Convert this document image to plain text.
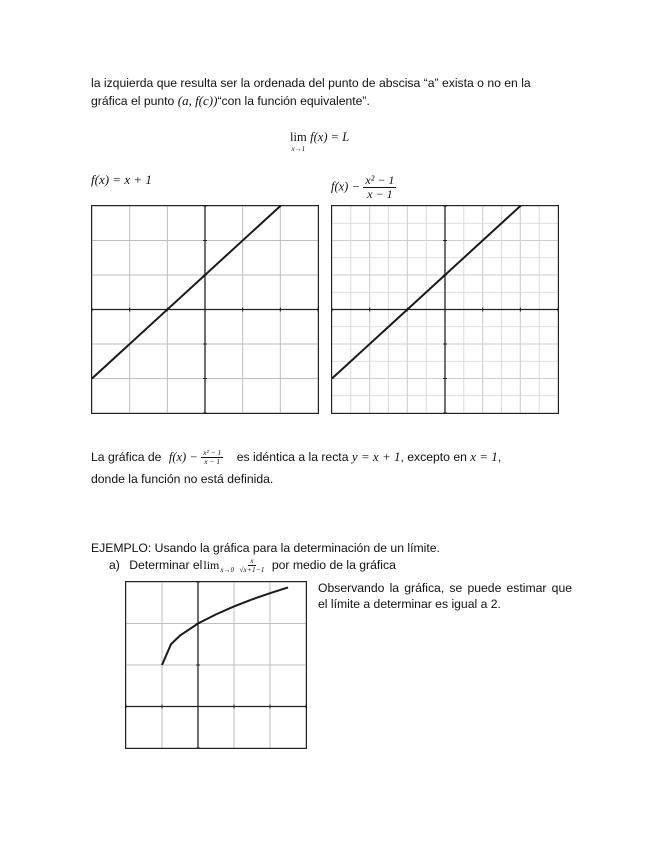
la izquierda que resulta ser la ordenada del punto de abscisa “a” exista o no en la
gráfica el punto (a, f(c))“con la función equivalente”.
lim
x→1
f(x) = L
f(x) = x + 1	$f(x) - \frac{\text{x² − 1}}{x - 1}$
La gráfica de $f(x) - \frac{\text{x² − 1}}{x - 1}$ es idéntica a la recta y = x + 1, excepto en x = 1,
donde la función no está definida.
EJEMPLO: Usando la gráfica para la determinación de un límite.
a) Determinar $ellim_{x\to 0} \frac{x}{√x+1-1}$ por medio de la gráfica
Observando la gráfica, se puede estimar que el límite a determinar es igual a 2.
